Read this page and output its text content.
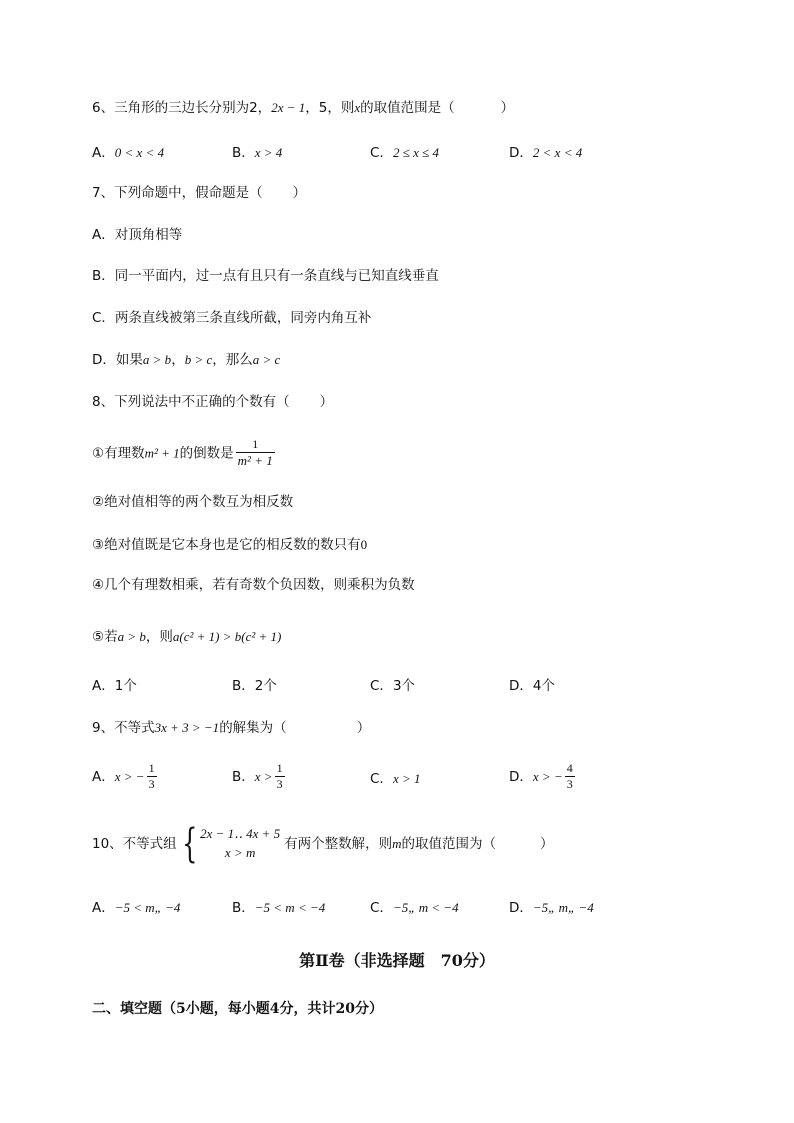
6、三角形的三边长分别为2，2x − 1，5，则x的取值范围是（	）
A．0 < x < 4	B．x > 4	C．2 ≤ x ≤ 4	D．2 < x < 4
7、下列命题中，假命题是（ ）
A．对顶角相等
B．同一平面内，过一点有且只有一条直线与已知直线垂直
C．两条直线被第三条直线所截，同旁内角互补
D．如果a > b，b > c，那么a > c
8、下列说法中不正确的个数有（ ）
①有理数m² + 1的倒数是 $\frac{1}{\text{m² + 1}}$
②绝对值相等的两个数互为相反数
③绝对值既是它本身也是它的相反数的数只有0
④几个有理数相乘，若有奇数个负因数，则乘积为负数
⑤若a > b，则a(c² + 1) > b(c² + 1)
A．1个	B．2个	C．3个	D．4个
9、不等式3x + 3 > −1的解集为（	）
A．x > − $\frac{1}{3}$	B．$x > \frac{1}{3}$	C．x > 1	D．x > − $\frac{4}{3}$
10、不等式组 { 2x − 1‥ 4x + 5
x > m
有两个整数解，则m的取值范围为（	）
A．−5 < m„ −4	B．−5 < m < −4	C．−5„ m < −4	D．−5„ m„ −4
第Ⅱ卷（非选择题　70分）
二、填空题（5小题，每小题4分，共计20分）
